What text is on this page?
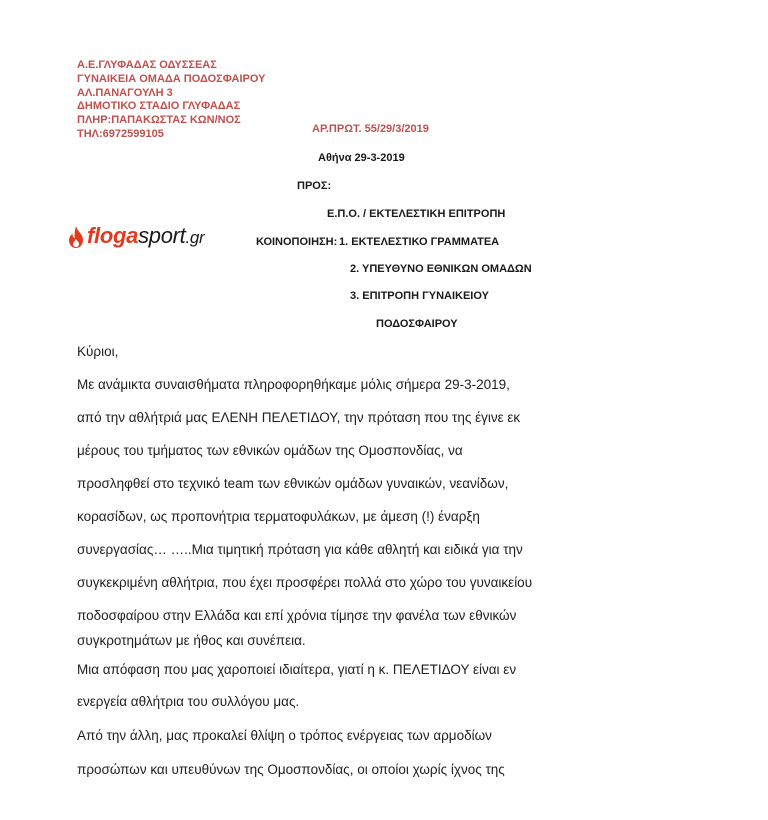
Α.Ε.ΓΛΥΦΑΔΑΣ ΟΔΥΣΣΕΑΣ
ΓΥΝΑΙΚΕΙΑ ΟΜΑΔΑ ΠΟΔΟΣΦΑΙΡΟΥ
ΑΛ.ΠΑΝΑΓΟΥΛΗ 3
ΔΗΜΟΤΙΚΟ ΣΤΑΔΙΟ ΓΛΥΦΑΔΑΣ
ΠΛΗΡ:ΠΑΠΑΚΩΣΤΑΣ ΚΩΝ/ΝΟΣ
ΤΗΛ:6972599105	ΑΡ.ΠΡΩΤ. 55/29/3/2019
Αθήνα 29-3-2019
ΠΡΟΣ:
Ε.Π.Ο. / ΕΚΤΕΛΕΣΤΙΚΗ ΕΠΙΤΡΟΠΗ
ΚΟΙΝΟΠΟΙΗΣΗ: 1. ΕΚΤΕΛΕΣΤΙΚΟ ΓΡΑΜΜΑΤΕΑ
2. ΥΠΕΥΘΥΝΟ ΕΘΝΙΚΩΝ ΟΜΑΔΩΝ
3. ΕΠΙΤΡΟΠΗ ΓΥΝΑΙΚΕΙΟΥ
ΠΟΔΟΣΦΑΙΡΟΥ
flogasport.gr
Κύριοι,
Με ανάμικτα συναισθήματα πληροφορηθήκαμε μόλις σήμερα 29-3-2019,
από την αθλήτριά μας ΕΛΕΝΗ ΠΕΛΕΤΙΔΟΥ, την πρόταση που της έγινε εκ
μέρους του τμήματος των εθνικών ομάδων της Ομοσπονδίας, να
προσληφθεί στο τεχνικό team των εθνικών ομάδων γυναικών, νεανίδων,
κορασίδων, ως προπονήτρια τερματοφυλάκων, με άμεση (!) έναρξη
συνεργασίας… …..Μια τιμητική πρόταση για κάθε αθλητή και ειδικά για την
συγκεκριμένη αθλήτρια, που έχει προσφέρει πολλά στο χώρο του γυναικείου
ποδοσφαίρου στην Ελλάδα και επί χρόνια τίμησε την φανέλα των εθνικών
συγκροτημάτων με ήθος και συνέπεια.
Μια απόφαση που μας χαροποιεί ιδιαίτερα, γιατί η κ. ΠΕΛΕΤΙΔΟΥ είναι εν
ενεργεία αθλήτρια του συλλόγου μας.
Από την άλλη, μας προκαλεί θλίψη ο τρόπος ενέργειας των αρμοδίων
προσώπων και υπευθύνων της Ομοσπονδίας, οι οποίοι χωρίς ίχνος της
